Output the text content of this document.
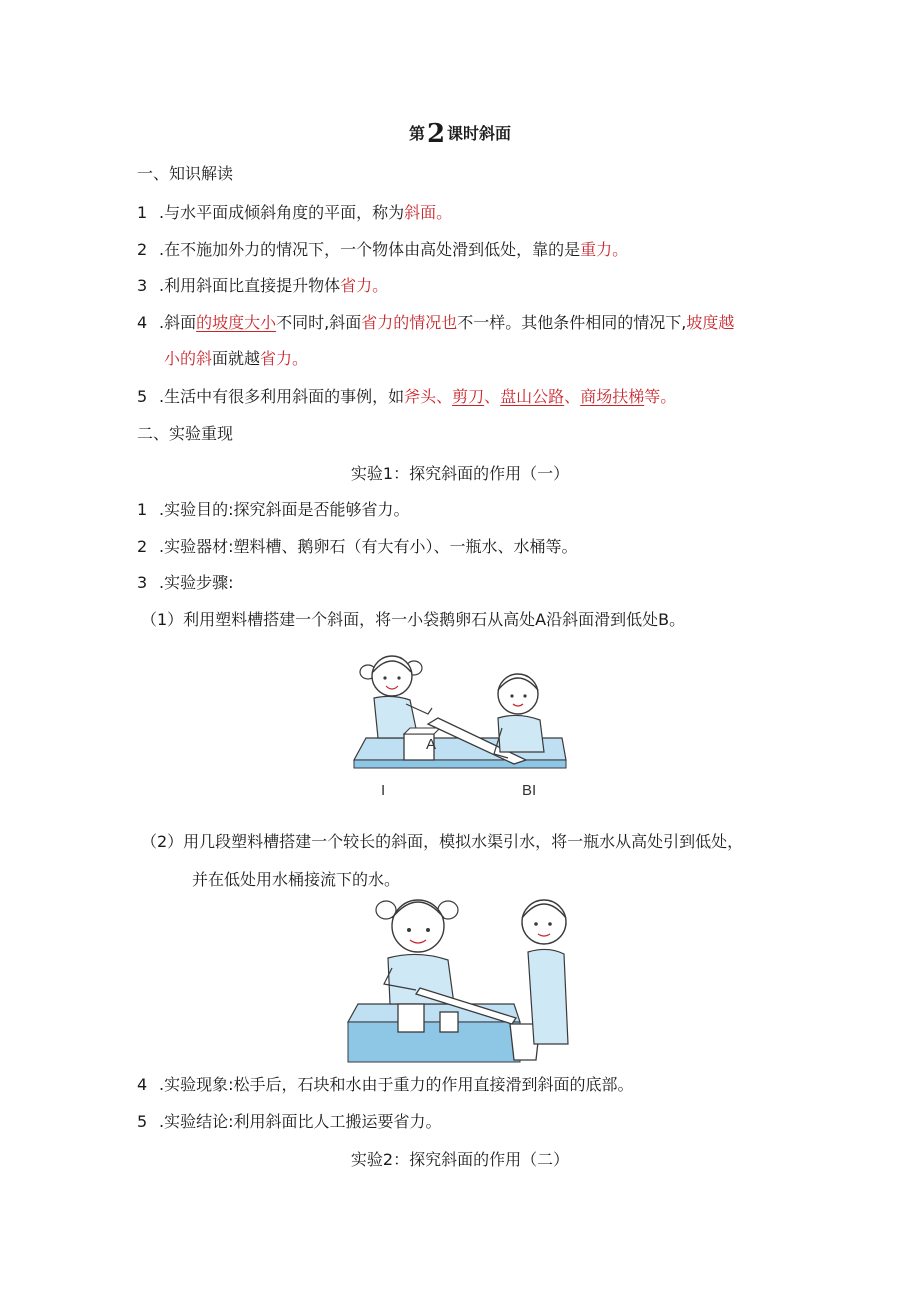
第2 课时斜面
一、知识解读
1 .与水平面成倾斜角度的平面，称为斜面。
2 .在不施加外力的情况下，一个物体由高处滑到低处，靠的是重力。
3 .利用斜面比直接提升物体省力。
4 .斜面的坡度大小不同时,斜面省力的情况也不一样。其他条件相同的情况下,坡度越
小的斜面就越省力。
5 .生活中有很多利用斜面的事例，如斧头、剪刀、盘山公路、商场扶梯等。
二、实验重现
实验1：探究斜面的作用（一）
1 .实验目的:探究斜面是否能够省力。
2 .实验器材:塑料槽、鹅卵石（有大有小）、一瓶水、水桶等。
3 .实验步骤:
（1）利用塑料槽搭建一个斜面，将一小袋鹅卵石从高处A沿斜面滑到低处B。
A
I	BI
（2）用几段塑料槽搭建一个较长的斜面，模拟水渠引水，将一瓶水从高处引到低处，
并在低处用水桶接流下的水。
4 .实验现象:松手后，石块和水由于重力的作用直接滑到斜面的底部。
5 .实验结论:利用斜面比人工搬运要省力。
实验2：探究斜面的作用（二）
